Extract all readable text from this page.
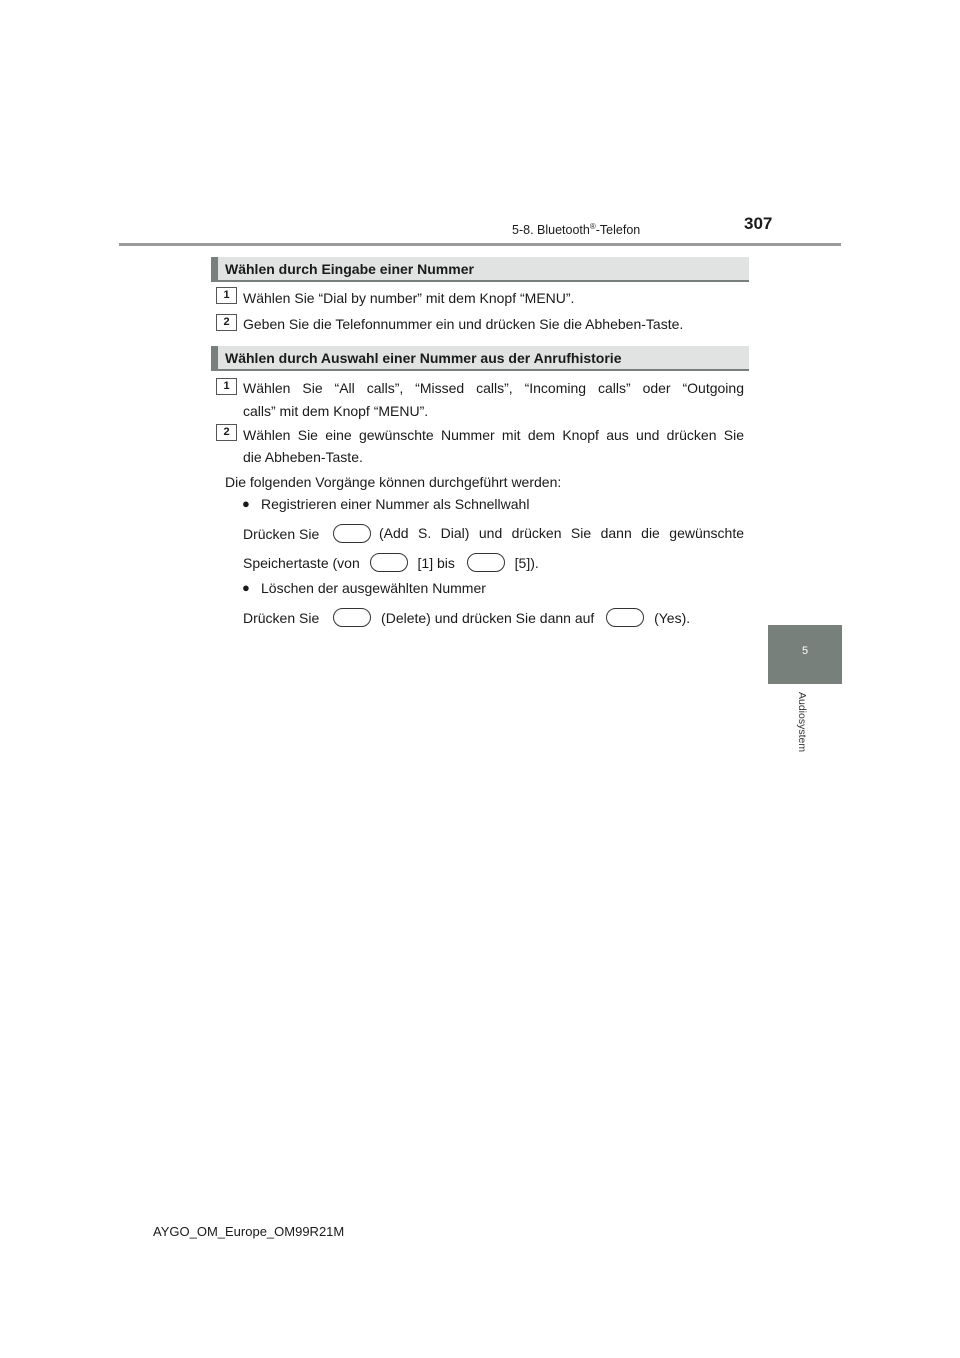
5-8. Bluetooth®-Telefon	307
5
Audiosystem
Wählen durch Eingabe einer Nummer
1 Wählen Sie “Dial by number” mit dem Knopf “MENU”.
2 Geben Sie die Telefonnummer ein und drücken Sie die Abheben-Taste.
Wählen durch Auswahl einer Nummer aus der Anrufhistorie
1 Wählen Sie “All calls”, “Missed calls”, “Incoming calls” oder “Outgoing
calls” mit dem Knopf “MENU”.
2 Wählen Sie eine gewünschte Nummer mit dem Knopf aus und drücken Sie
die Abheben-Taste.
Die folgenden Vorgänge können durchgeführt werden:
● Registrieren einer Nummer als Schnellwahl
Drücken Sie	(Add S. Dial) und drücken Sie dann die gewünschte
Speichertaste (von	[1] bis	[5]).
● Löschen der ausgewählten Nummer
Drücken Sie	(Delete) und drücken Sie dann auf	(Yes).
AYGO_OM_Europe_OM99R21M
